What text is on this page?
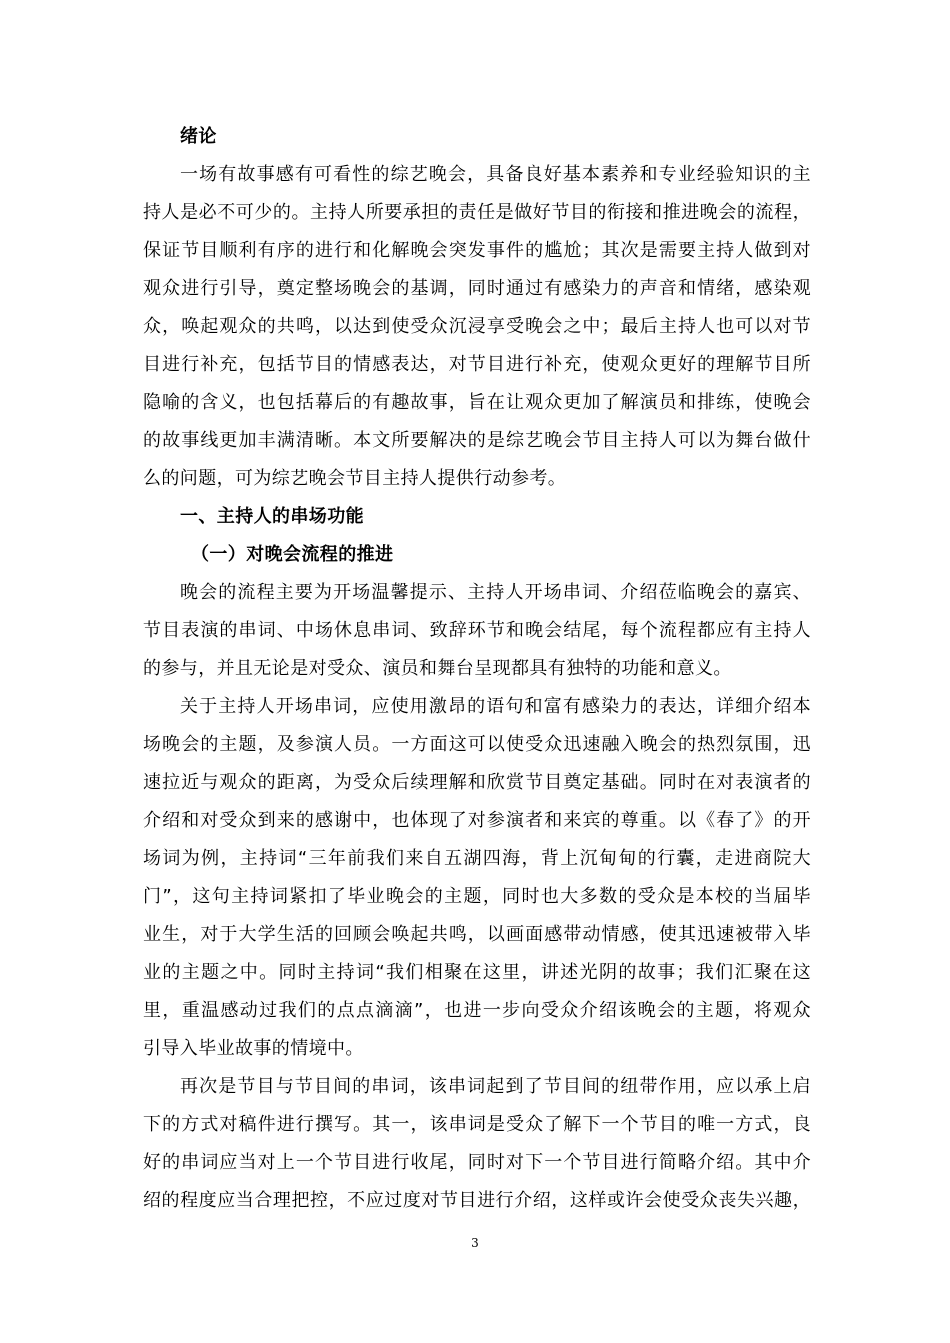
绪论
一场有故事感有可看性的综艺晚会，具备良好基本素养和专业经验知识的主
持人是必不可少的。主持人所要承担的责任是做好节目的衔接和推进晚会的流程，
保证节目顺利有序的进行和化解晚会突发事件的尴尬；其次是需要主持人做到对
观众进行引导，奠定整场晚会的基调，同时通过有感染力的声音和情绪，感染观
众，唤起观众的共鸣，以达到使受众沉浸享受晚会之中；最后主持人也可以对节
目进行补充，包括节目的情感表达，对节目进行补充，使观众更好的理解节目所
隐喻的含义，也包括幕后的有趣故事，旨在让观众更加了解演员和排练，使晚会
的故事线更加丰满清晰。本文所要解决的是综艺晚会节目主持人可以为舞台做什
么的问题，可为综艺晚会节目主持人提供行动参考。
一、主持人的串场功能
（一）对晚会流程的推进
晚会的流程主要为开场温馨提示、主持人开场串词、介绍莅临晚会的嘉宾、
节目表演的串词、中场休息串词、致辞环节和晚会结尾，每个流程都应有主持人
的参与，并且无论是对受众、演员和舞台呈现都具有独特的功能和意义。
关于主持人开场串词，应使用激昂的语句和富有感染力的表达，详细介绍本
场晚会的主题，及参演人员。一方面这可以使受众迅速融入晚会的热烈氛围，迅
速拉近与观众的距离，为受众后续理解和欣赏节目奠定基础。同时在对表演者的
介绍和对受众到来的感谢中，也体现了对参演者和来宾的尊重。以《春了》的开
场词为例，主持词“三年前我们来自五湖四海，背上沉甸甸的行囊，走进商院大
门”，这句主持词紧扣了毕业晚会的主题，同时也大多数的受众是本校的当届毕
业生，对于大学生活的回顾会唤起共鸣，以画面感带动情感，使其迅速被带入毕
业的主题之中。同时主持词“我们相聚在这里，讲述光阴的故事；我们汇聚在这
里，重温感动过我们的点点滴滴”，也进一步向受众介绍该晚会的主题，将观众
引导入毕业故事的情境中。
再次是节目与节目间的串词，该串词起到了节目间的纽带作用，应以承上启
下的方式对稿件进行撰写。其一，该串词是受众了解下一个节目的唯一方式，良
好的串词应当对上一个节目进行收尾，同时对下一个节目进行简略介绍。其中介
绍的程度应当合理把控，不应过度对节目进行介绍，这样或许会使受众丧失兴趣，
3
